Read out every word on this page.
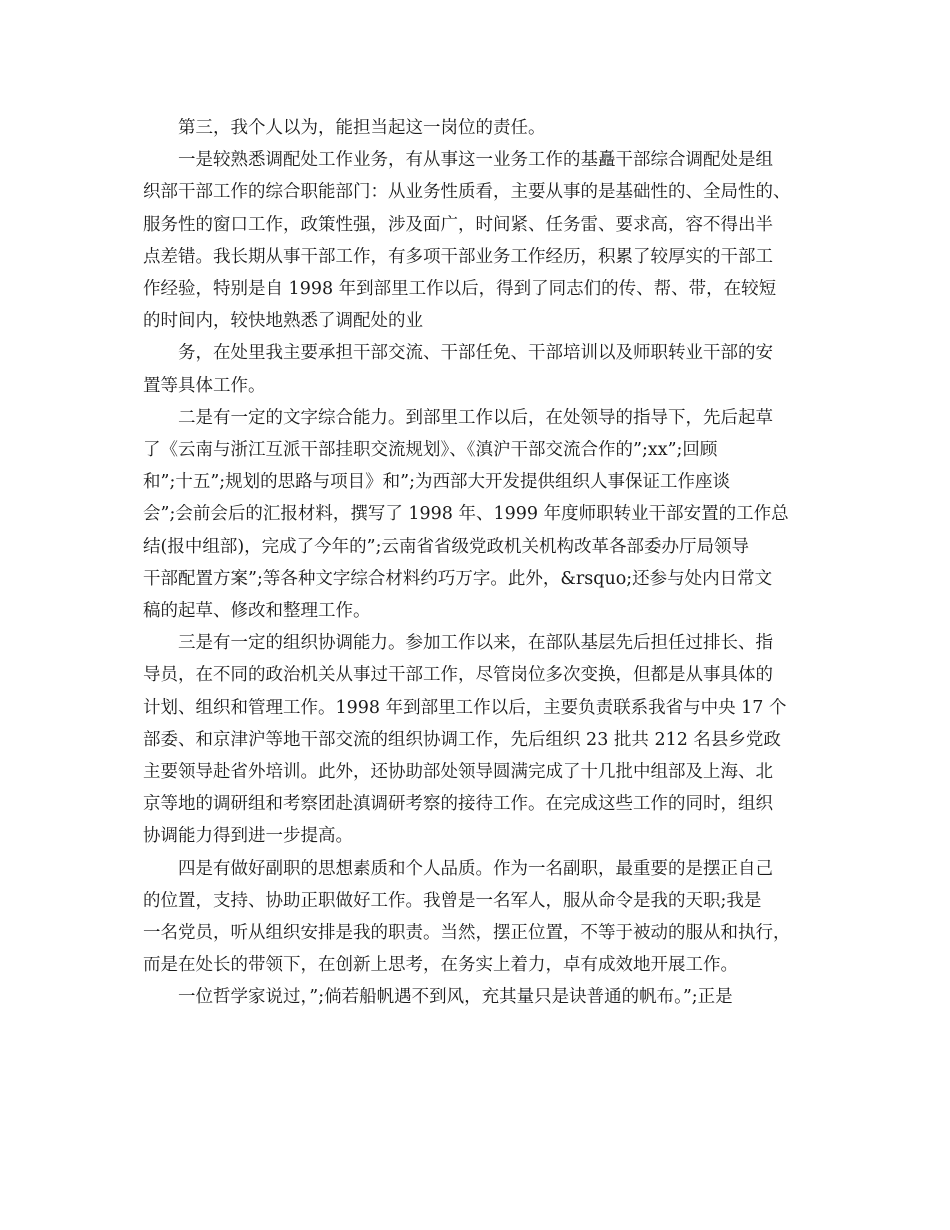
　　第三，我个人以为，能担当起这一岗位的责任。

　　一是较熟悉调配处工作业务，有从事这一业务工作的基矗干部综合调配处是组

织部干部工作的综合职能部门：从业务性质看，主要从事的是基础性的、全局性的、

服务性的窗口工作，政策性强，涉及面广，时间紧、任务雷、要求高，容不得出半

点差错。我长期从事干部工作，有多项干部业务工作经历，积累了较厚实的干部工

作经验，特别是自 1998 年到部里工作以后，得到了同志们的传、帮、带，在较短

的时间内，较快地熟悉了调配处的业

　　务，在处里我主要承担干部交流、干部任免、干部培训以及师职转业干部的安

置等具体工作。

　　二是有一定的文字综合能力。到部里工作以后，在处领导的指导下，先后起草

了《云南与浙江互派干部挂职交流规划》、《滇沪干部交流合作的”;xx”;回顾

和”;十五”;规划的思路与项目》和”;为西部大开发提供组织人事保证工作座谈

会”;会前会后的汇报材料，撰写了 1998 年、1999 年度师职转业干部安置的工作总

结(报中组部)，完成了今年的”;云南省省级党政机关机构改革各部委办厅局领导

干部配置方案”;等各种文字综合材料约巧万字。此外，&rsquo;还参与处内日常文

稿的起草、修改和整理工作。

　　三是有一定的组织协调能力。参加工作以来，在部队基层先后担任过排长、指

导员，在不同的政治机关从事过干部工作，尽管岗位多次变换，但都是从事具体的

计划、组织和管理工作。1998 年到部里工作以后，主要负责联系我省与中央 17 个

部委、和京津沪等地干部交流的组织协调工作，先后组织 23 批共 212 名县乡党政

主要领导赴省外培训。此外，还协助部处领导圆满完成了十几批中组部及上海、北

京等地的调研组和考察团赴滇调研考察的接待工作。在完成这些工作的同时，组织

协调能力得到进一步提高。

　　四是有做好副职的思想素质和个人品质。作为一名副职，最重要的是摆正自己

的位置，支持、协助正职做好工作。我曾是一名军人，服从命令是我的天职;我是

一名党员，听从组织安排是我的职责。当然，摆正位置，不等于被动的服从和执行，

而是在处长的带领下，在创新上思考，在务实上着力，卓有成效地开展工作。

　　一位哲学家说过，”;倘若船帆遇不到风，充其量只是诀普通的帆布。”;正是
